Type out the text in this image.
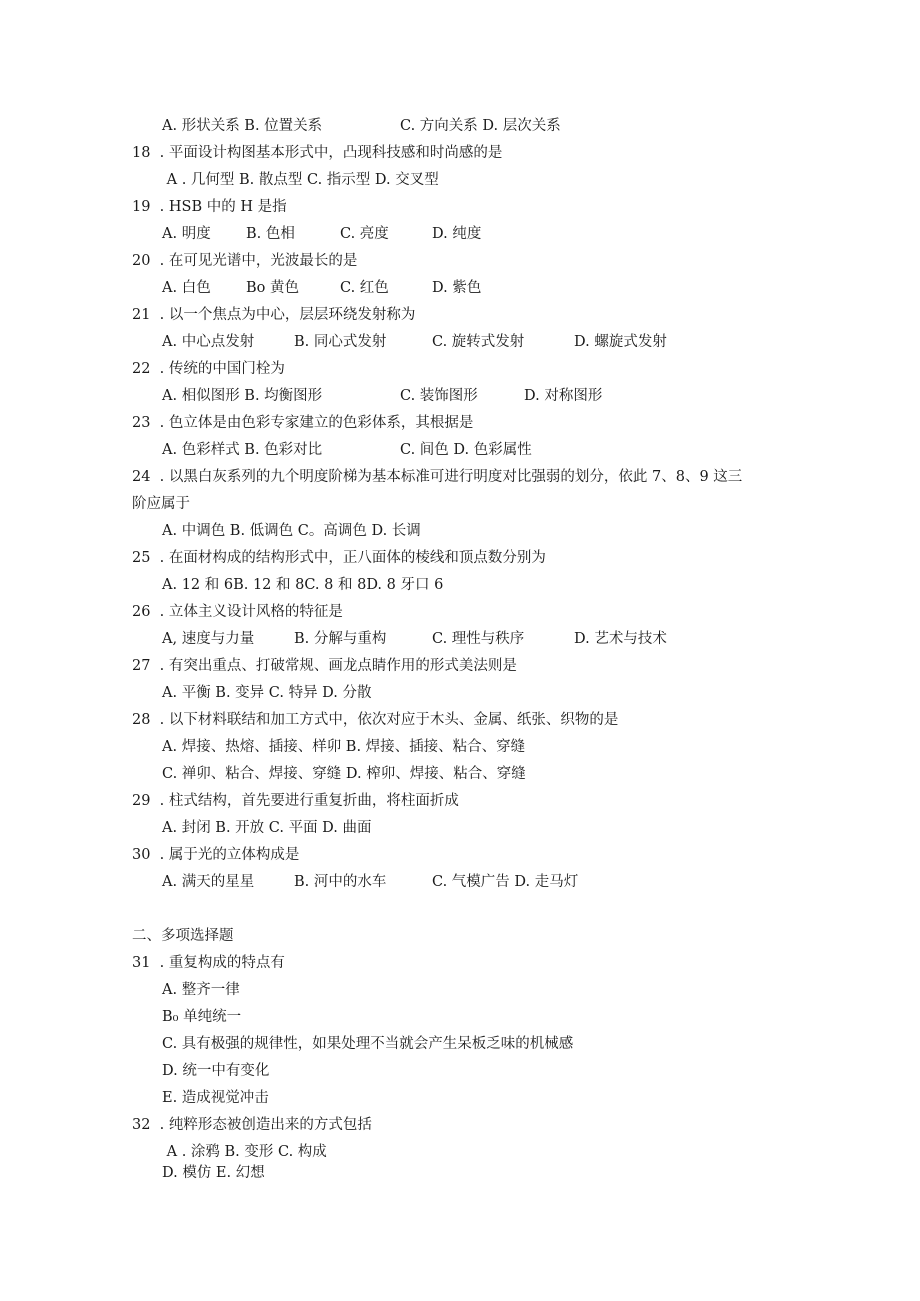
A. 形状关系 B. 位置关系	C. 方向关系 D. 层次关系
18  . 平面设计构图基本形式中，凸现科技感和时尚感的是
A . 几何型 B. 散点型 C. 指示型 D. 交叉型
19  . HSB 中的 H 是指
A. 明度 B. 色相	C. 亮度	D. 纯度
20  . 在可见光谱中，光波最长的是
A. 白色 Bo 黄色	C. 红色	D. 紫色
21  . 以一个焦点为中心，层层环绕发射称为
A. 中心点发射	B. 同心式发射	C. 旋转式发射	D. 螺旋式发射
22  . 传统的中国门栓为
A. 相似图形 B. 均衡图形	C. 装饰图形	D. 对称图形
23  . 色立体是由色彩专家建立的色彩体系，其根据是
A. 色彩样式 B. 色彩对比	C. 间色 D. 色彩属性
24  . 以黑白灰系列的九个明度阶梯为基本标准可进行明度对比强弱的划分，依此 7、8、9 这三
阶应属于
A. 中调色 B. 低调色 C。高调色 D. 长调
25  . 在面材构成的结构形式中，正八面体的棱线和顶点数分别为
A. 12 和 6B. 12 和 8C. 8 和 8D. 8 牙口 6
26  . 立体主义设计风格的特征是
A, 速度与力量	B. 分解与重构	C. 理性与秩序	D. 艺术与技术
27  . 有突出重点、打破常规、画龙点睛作用的形式美法则是
A. 平衡 B. 变异 C. 特异 D. 分散
28  . 以下材料联结和加工方式中，依次对应于木头、金属、纸张、织物的是
A. 焊接、热熔、插接、样卯 B. 焊接、插接、粘合、穿缝
C. 禅卯、粘合、焊接、穿缝 D. 榨卯、焊接、粘合、穿缝
29  . 柱式结构，首先要进行重复折曲，将柱面折成
A. 封闭 B. 开放 C. 平面 D. 曲面
30  . 属于光的立体构成是
A. 满天的星星	B. 河中的水车	C. 气模广告 D. 走马灯
二、多项选择题
31  . 重复构成的特点有
A. 整齐一律
B₀ 单纯统一
C. 具有极强的规律性，如果处理不当就会产生呆板乏味的机械感
D. 统一中有变化
E. 造成视觉冲击
32  . 纯粹形态被创造出来的方式包括
A . 涂鸦 B. 变形 C. 构成
D. 模仿 E. 幻想
